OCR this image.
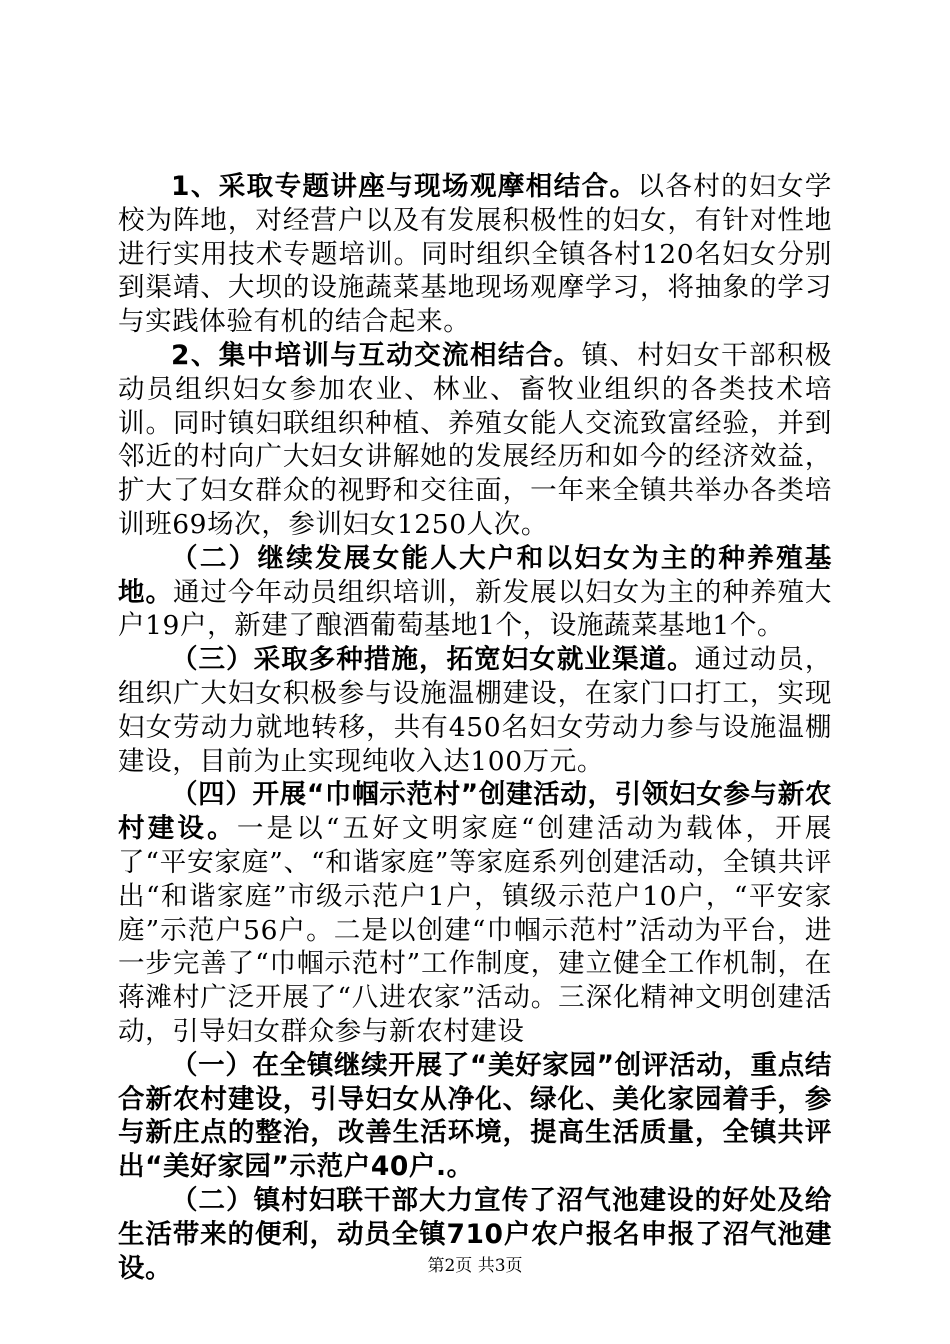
1、采取专题讲座与现场观摩相结合。以各村的妇女学校为阵地，对经营户以及有发展积极性的妇女，有针对性地进行实用技术专题培训。同时组织全镇各村120名妇女分别到渠靖、大坝的设施蔬菜基地现场观摩学习，将抽象的学习与实践体验有机的结合起来。

2、集中培训与互动交流相结合。镇、村妇女干部积极动员组织妇女参加农业、林业、畜牧业组织的各类技术培训。同时镇妇联组织种植、养殖女能人交流致富经验，并到邻近的村向广大妇女讲解她的发展经历和如今的经济效益，扩大了妇女群众的视野和交往面，一年来全镇共举办各类培训班69场次，参训妇女1250人次。

（二）继续发展女能人大户和以妇女为主的种养殖基地。通过今年动员组织培训，新发展以妇女为主的种养殖大户19户，新建了酿酒葡萄基地1个，设施蔬菜基地1个。

（三）采取多种措施，拓宽妇女就业渠道。通过动员，组织广大妇女积极参与设施温棚建设，在家门口打工，实现妇女劳动力就地转移，共有450名妇女劳动力参与设施温棚建设，目前为止实现纯收入达100万元。

（四）开展“巾帼示范村”创建活动，引领妇女参与新农村建设。一是以“五好文明家庭“创建活动为载体，开展了“平安家庭”、“和谐家庭”等家庭系列创建活动，全镇共评出“和谐家庭”市级示范户1户，镇级示范户10户，“平安家庭”示范户56户。二是以创建“巾帼示范村”活动为平台，进一步完善了“巾帼示范村”工作制度，建立健全工作机制，在蒋滩村广泛开展了“八进农家”活动。三深化精神文明创建活动，引导妇女群众参与新农村建设

（一）在全镇继续开展了“美好家园”创评活动，重点结合新农村建设，引导妇女从净化、绿化、美化家园着手，参与新庄点的整治，改善生活环境，提高生活质量，全镇共评出“美好家园”示范户40户.。

（二）镇村妇联干部大力宣传了沼气池建设的好处及给生活带来的便利，动员全镇710户农户报名申报了沼气池建设。	第2页 共3页
